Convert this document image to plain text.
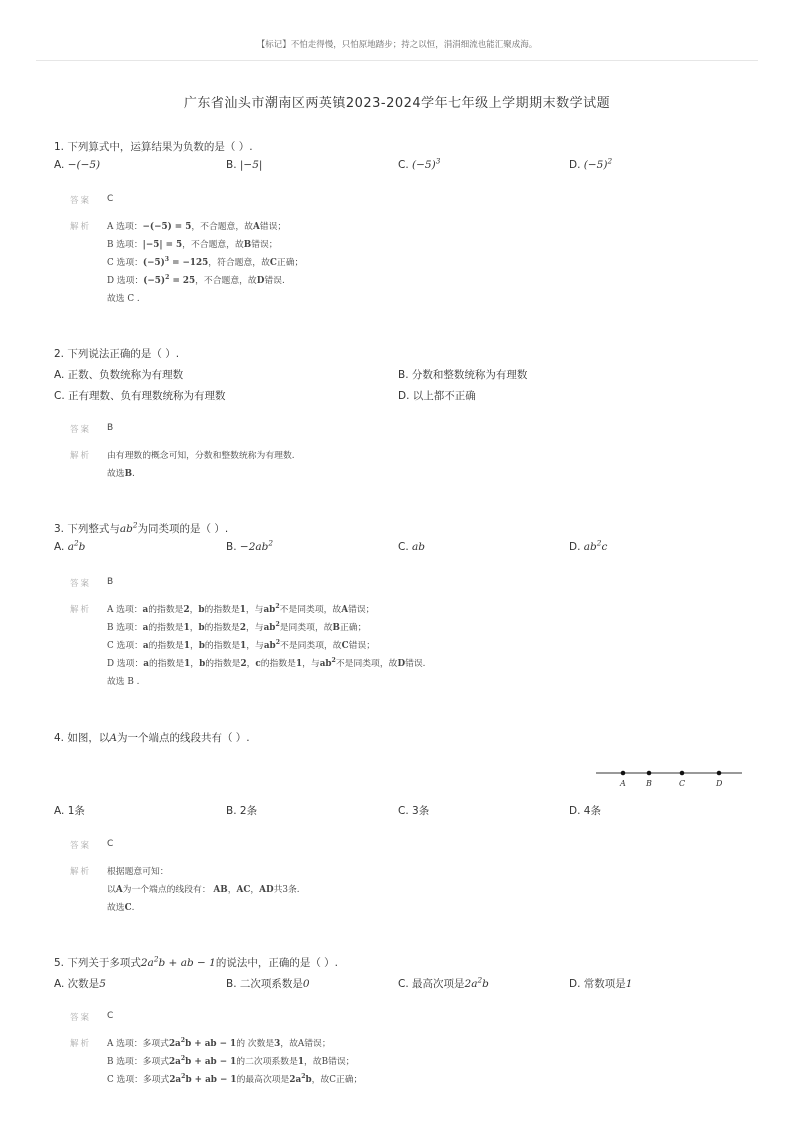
【标记】不怕走得慢，只怕原地踏步；持之以恒，涓涓细流也能汇聚成海。
广东省汕头市潮南区两英镇2023-2024学年七年级上学期期末数学试题
1. 下列算式中，运算结果为负数的是（ ）.
A. −(−5)	B. |−5|	C. $(-5)^3$	D. $(-5)^2$
答案 C
解析 A 选项：−(−5) = 5，不合题意，故A错误；
B 选项：|−5| = 5，不合题意，故B错误；
C 选项：$(-5)^3 = -125$，符合题意，故C正确；
D 选项：$(-5)^2 = 25$，不合题意，故D错误.
故选 C .
2. 下列说法正确的是（ ）.
A. 正数、负数统称为有理数	B. 分数和整数统称为有理数
C. 正有理数、负有理数统称为有理数	D. 以上都不正确
答案 B
解析 由有理数的概念可知，分数和整数统称为有理数.
故选B.
3. 下列整式与$ab^2$为同类项的是（ ）.
A. $a^2b$	B. $-2ab^2$	C. ab	D. $ab^2c$
答案 B
解析 A 选项：a的指数是2，b的指数是1，与$ab^2$不是同类项，故A错误；
B 选项：a的指数是1，b的指数是2，与$ab^2$是同类项，故B正确；
C 选项：a的指数是1，b的指数是1，与$ab^2$不是同类项，故C错误；
D 选项：a的指数是1，b的指数是2，c的指数是1，与$ab^2$不是同类项，故D错误.
故选 B .
4. 如图，以A为一个端点的线段共有（ ）.
A	B	C	D
A. 1条	B. 2条	C. 3条	D. 4条
答案 C
解析 根据题意可知：
以A为一个端点的线段有： AB，AC，AD共3条.
故选C.
5. 下列关于多项式$2a^2b$ + ab − 1的说法中，正确的是（ ）.
A. 次数是5	B. 二次项系数是0	C. 最高次项是$2a^2b$	D. 常数项是1
答案 C
解析 A 选项：多项式$2a^2b$ + ab − 1的 次数是3，故A错误；
B 选项：多项式$2a^2b$ + ab − 1的二次项系数是1，故B错误；
C 选项：多项式$2a^2b$ + ab − 1的最高次项是$2a^2b$，故C正确；
